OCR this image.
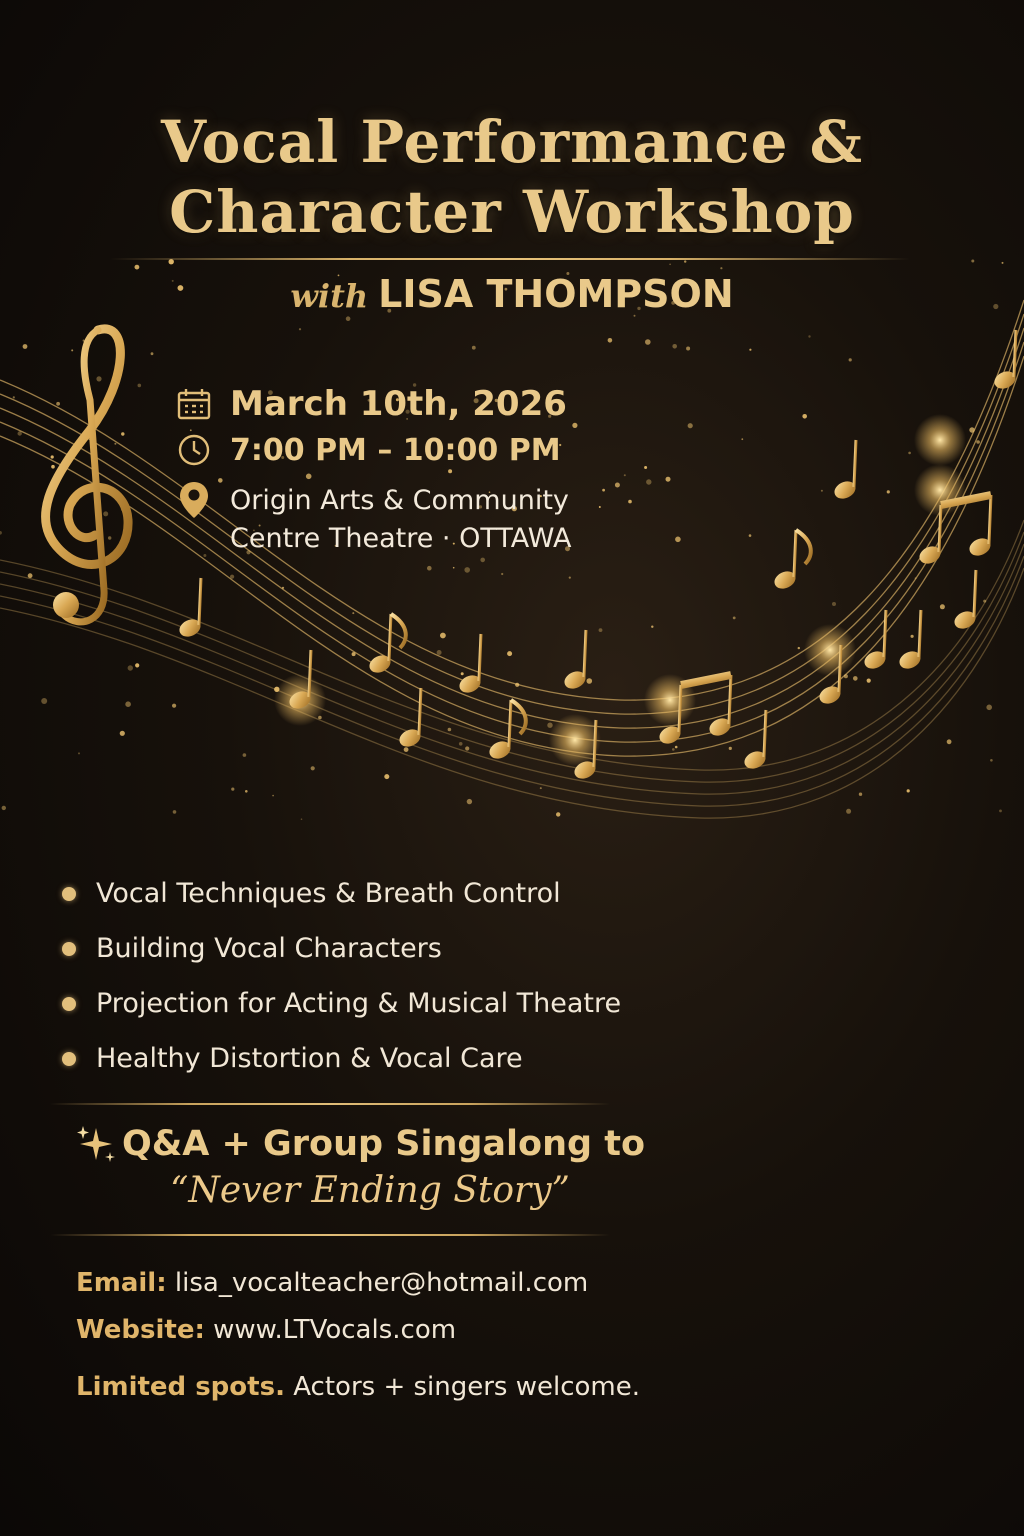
Vocal Performance &
Character Workshop
with LISA THOMPSON
March 10th, 2026
7:00 PM – 10:00 PM
Origin Arts & Community
Centre Theatre · OTTAWA
Vocal Techniques & Breath Control
Building Vocal Characters
Projection for Acting & Musical Theatre
Healthy Distortion & Vocal Care
Q&A + Group Singalong to
“Never Ending Story”
Email: lisa_vocalteacher@hotmail.com
Website: www.LTVocals.com
Limited spots. Actors + singers welcome.
